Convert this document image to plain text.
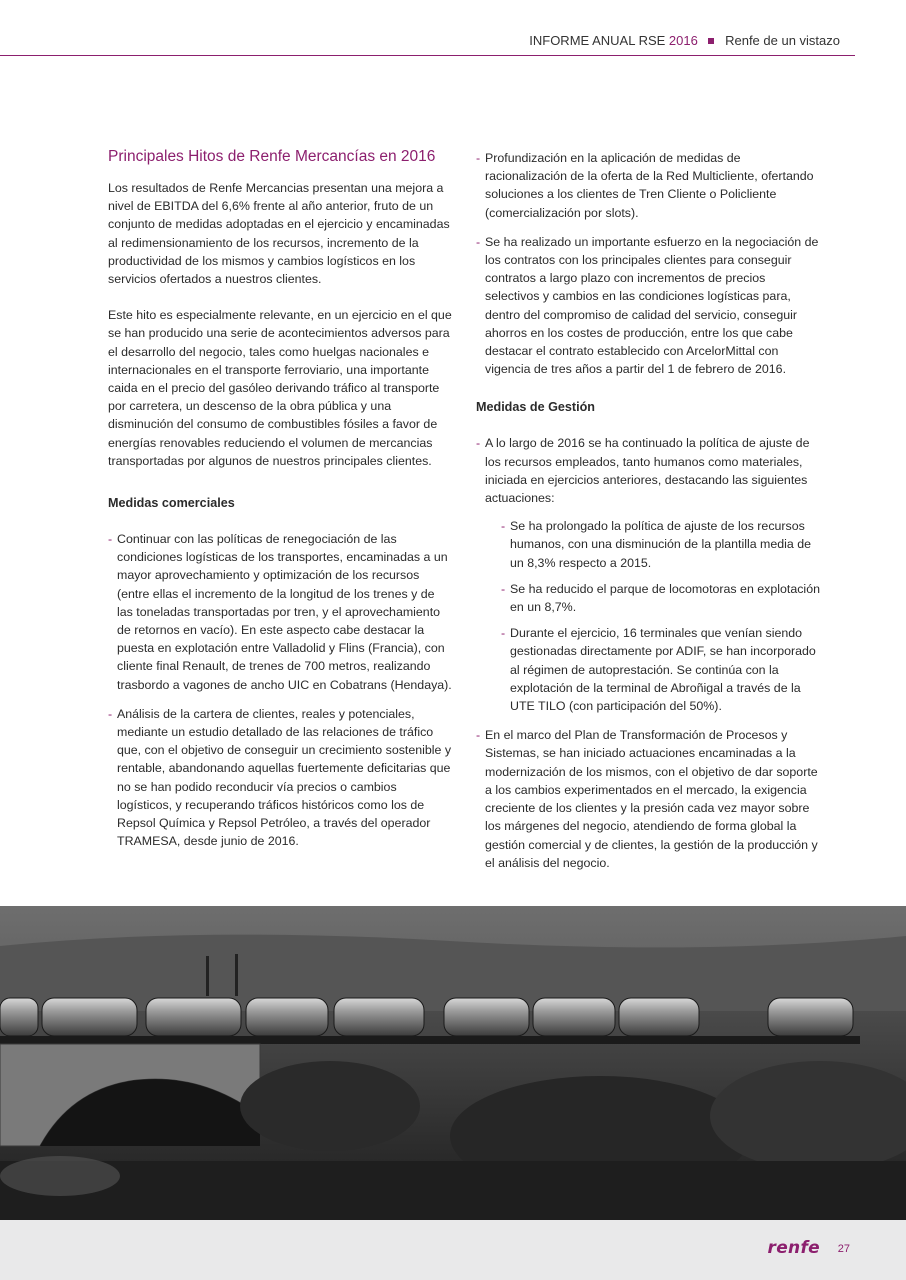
INFORME ANUAL RSE 2016 Renfe de un vistazo
Principales Hitos de Renfe Mercancías en 2016

Los resultados de Renfe Mercancias presentan una mejora a nivel de EBITDA del 6,6% frente al año anterior, fruto de un conjunto de medidas adoptadas en el ejercicio y encaminadas al redimensionamiento de los recursos, incremento de la productividad de los mismos y cambios logísticos en los servicios ofertados a nuestros clientes.

Este hito es especialmente relevante, en un ejercicio en el que se han producido una serie de acontecimientos adversos para el desarrollo del negocio, tales como huelgas nacionales e internacionales en el transporte ferroviario, una importante caida en el precio del gasóleo derivando tráfico al transporte por carretera, un descenso de la obra pública y una disminución del consumo de combustibles fósiles a favor de energías renovables reduciendo el volumen de mercancias transportadas por algunos de nuestros principales clientes.

Medidas comerciales
- Continuar con las políticas de renegociación de las condiciones logísticas de los transportes, encaminadas a un mayor aprovechamiento y optimización de los recursos (entre ellas el incremento de la longitud de los trenes y de las toneladas transportadas por tren, y el aprovechamiento de retornos en vacío). En este aspecto cabe destacar la puesta en explotación entre Valladolid y Flins (Francia), con cliente final Renault, de trenes de 700 metros, realizando trasbordo a vagones de ancho UIC en Cobatrans (Hendaya).
- Análisis de la cartera de clientes, reales y potenciales, mediante un estudio detallado de las relaciones de tráfico que, con el objetivo de conseguir un crecimiento sostenible y rentable, abandonando aquellas fuertemente deficitarias que no se han podido reconducir vía precios o cambios logísticos, y recuperando tráficos históricos como los de Repsol Química y Repsol Petróleo, a través del operador TRAMESA, desde junio de 2016.
- Profundización en la aplicación de medidas de racionalización de la oferta de la Red Multicliente, ofertando soluciones a los clientes de Tren Cliente o Policliente (comercialización por slots).
- Se ha realizado un importante esfuerzo en la negociación de los contratos con los principales clientes para conseguir contratos a largo plazo con incrementos de precios selectivos y cambios en las condiciones logísticas para, dentro del compromiso de calidad del servicio, conseguir ahorros en los costes de producción, entre los que cabe destacar el contrato establecido con ArcelorMittal con vigencia de tres años a partir del 1 de febrero de 2016.
Medidas de Gestión
- A lo largo de 2016 se ha continuado la política de ajuste de los recursos empleados, tanto humanos como materiales, iniciada en ejercicios anteriores, destacando las siguientes actuaciones:
- Se ha prolongado la política de ajuste de los recursos humanos, con una disminución de la plantilla media de un 8,3% respecto a 2015.
- Se ha reducido el parque de locomotoras en explotación en un 8,7%.
- Durante el ejercicio, 16 terminales que venían siendo gestionadas directamente por ADIF, se han incorporado al régimen de autoprestación. Se continúa con la explotación de la terminal de Abroñigal a través de la UTE TILO (con participación del 50%).
- En el marco del Plan de Transformación de Procesos y Sistemas, se han iniciado actuaciones encaminadas a la modernización de los mismos, con el objetivo de dar soporte a los cambios experimentados en el mercado, la exigencia creciente de los clientes y la presión cada vez mayor sobre los márgenes del negocio, atendiendo de forma global la gestión comercial y de clientes, la gestión de la producción y el análisis del negocio.
renfe 27
